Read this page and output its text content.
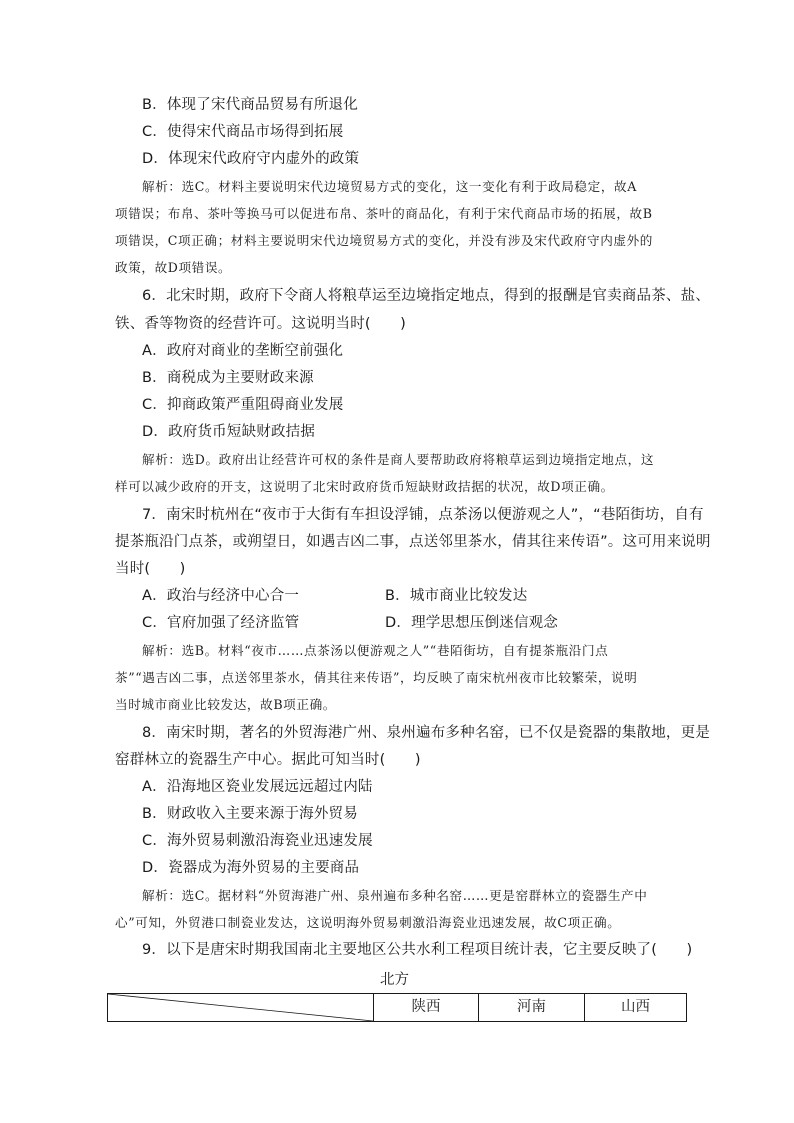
B．体现了宋代商品贸易有所退化
C．使得宋代商品市场得到拓展
D．体现宋代政府守内虚外的政策
解析：选C。材料主要说明宋代边境贸易方式的变化，这一变化有利于政局稳定，故A
项错误；布帛、茶叶等换马可以促进布帛、茶叶的商品化，有利于宋代商品市场的拓展，故B
项错误，C项正确；材料主要说明宋代边境贸易方式的变化，并没有涉及宋代政府守内虚外的
政策，故D项错误。
6．北宋时期，政府下令商人将粮草运至边境指定地点，得到的报酬是官卖商品茶、盐、
铁、香等物资的经营许可。这说明当时(　　)
A．政府对商业的垄断空前强化
B．商税成为主要财政来源
C．抑商政策严重阻碍商业发展
D．政府货币短缺财政拮据
解析：选D。政府出让经营许可权的条件是商人要帮助政府将粮草运到边境指定地点，这
样可以减少政府的开支，这说明了北宋时政府货币短缺财政拮据的状况，故D项正确。
7．南宋时杭州在“夜市于大街有车担设浮铺，点茶汤以便游观之人”，“巷陌街坊，自有
提茶瓶沿门点茶，或朔望日，如遇吉凶二事，点送邻里茶水，倩其往来传语”。这可用来说明
当时(　　)
A．政治与经济中心合一	B．城市商业比较发达
C．官府加强了经济监管	D．理学思想压倒迷信观念
解析：选B。材料“夜市……点茶汤以便游观之人”“巷陌街坊，自有提茶瓶沿门点
茶”“遇吉凶二事，点送邻里茶水，倩其往来传语”，均反映了南宋杭州夜市比较繁荣，说明
当时城市商业比较发达，故B项正确。
8．南宋时期，著名的外贸海港广州、泉州遍布多种名窑，已不仅是瓷器的集散地，更是
窑群林立的瓷器生产中心。据此可知当时(　　)
A．沿海地区瓷业发展远远超过内陆
B．财政收入主要来源于海外贸易
C．海外贸易刺激沿海瓷业迅速发展
D．瓷器成为海外贸易的主要商品
解析：选C。据材料“外贸海港广州、泉州遍布多种名窑……更是窑群林立的瓷器生产中
心”可知，外贸港口制瓷业发达，这说明海外贸易刺激沿海瓷业迅速发展，故C项正确。
9．以下是唐宋时期我国南北主要地区公共水利工程项目统计表，它主要反映了(　　)
北方
陕西	河南	山西
